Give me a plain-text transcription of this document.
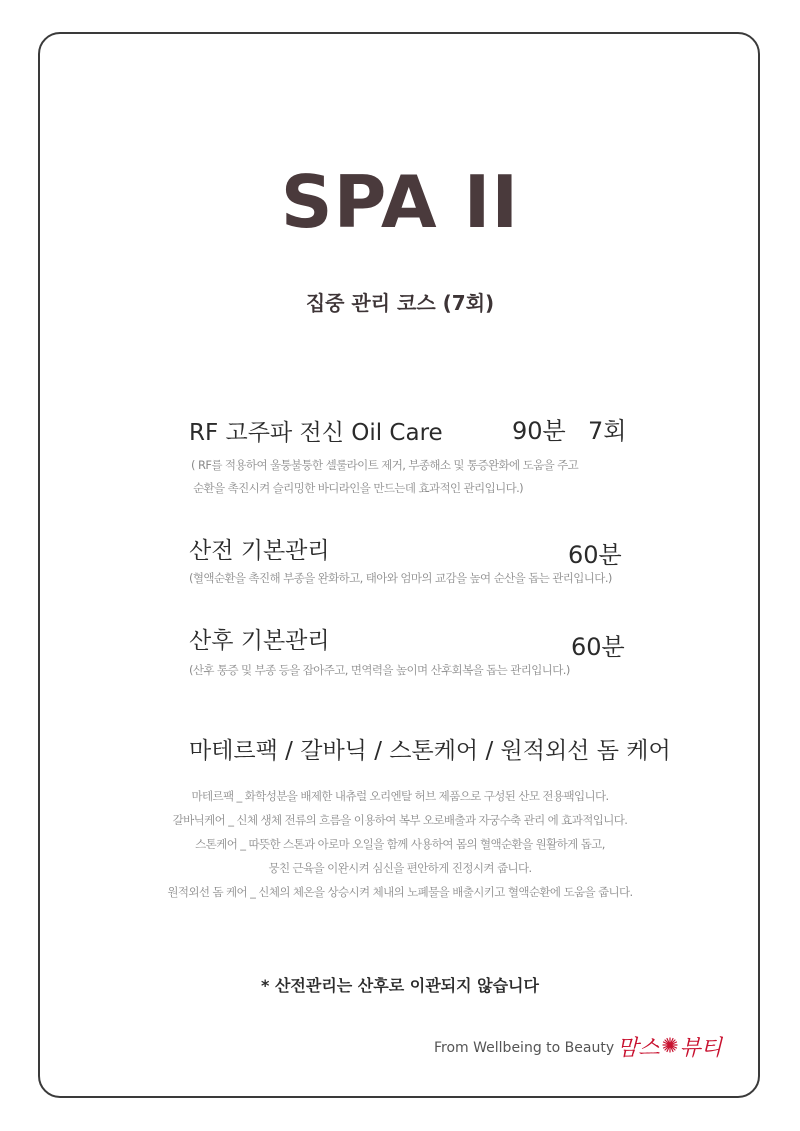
SPA II
집중 관리 코스 (7회)
RF 고주파 전신 Oil Care	90분 7회
( RF를 적용하여 울퉁불퉁한 셀룰라이트 제거, 부종해소 및 통증완화에 도움을 주고
순환을 촉진시켜 슬리밍한 바디라인을 만드는데 효과적인 관리입니다.)
산전 기본관리	60분
(혈액순환을 촉진해 부종을 완화하고, 태아와 엄마의 교감을 높여 순산을 돕는 관리입니다.)
산후 기본관리	60분
(산후 통증 및 부종 등을 잡아주고, 면역력을 높이며 산후회복을 돕는 관리입니다.)
마테르팩 / 갈바닉 / 스톤케어 / 원적외선 돔 케어
마테르팩 _ 화학성분을 배제한 내츄럴 오리엔탈 허브 제품으로 구성된 산모 전용팩입니다.
갈바닉케어 _ 신체 생체 전류의 흐름을 이용하여 복부 오로배출과 자궁수축 관리 에 효과적입니다.
스톤케어 _ 따뜻한 스톤과 아로마 오일을 함께 사용하여 몸의 혈액순환을 원활하게 돕고,
뭉친 근육을 이완시켜 심신을 편안하게 진정시켜 줍니다.
원적외선 돔 케어 _ 신체의 체온을 상승시켜 체내의 노폐물을 배출시키고 혈액순환에 도움을 줍니다.
* 산전관리는 산후로 이관되지 않습니다
From Wellbeing to Beauty 맘스 뷰티
